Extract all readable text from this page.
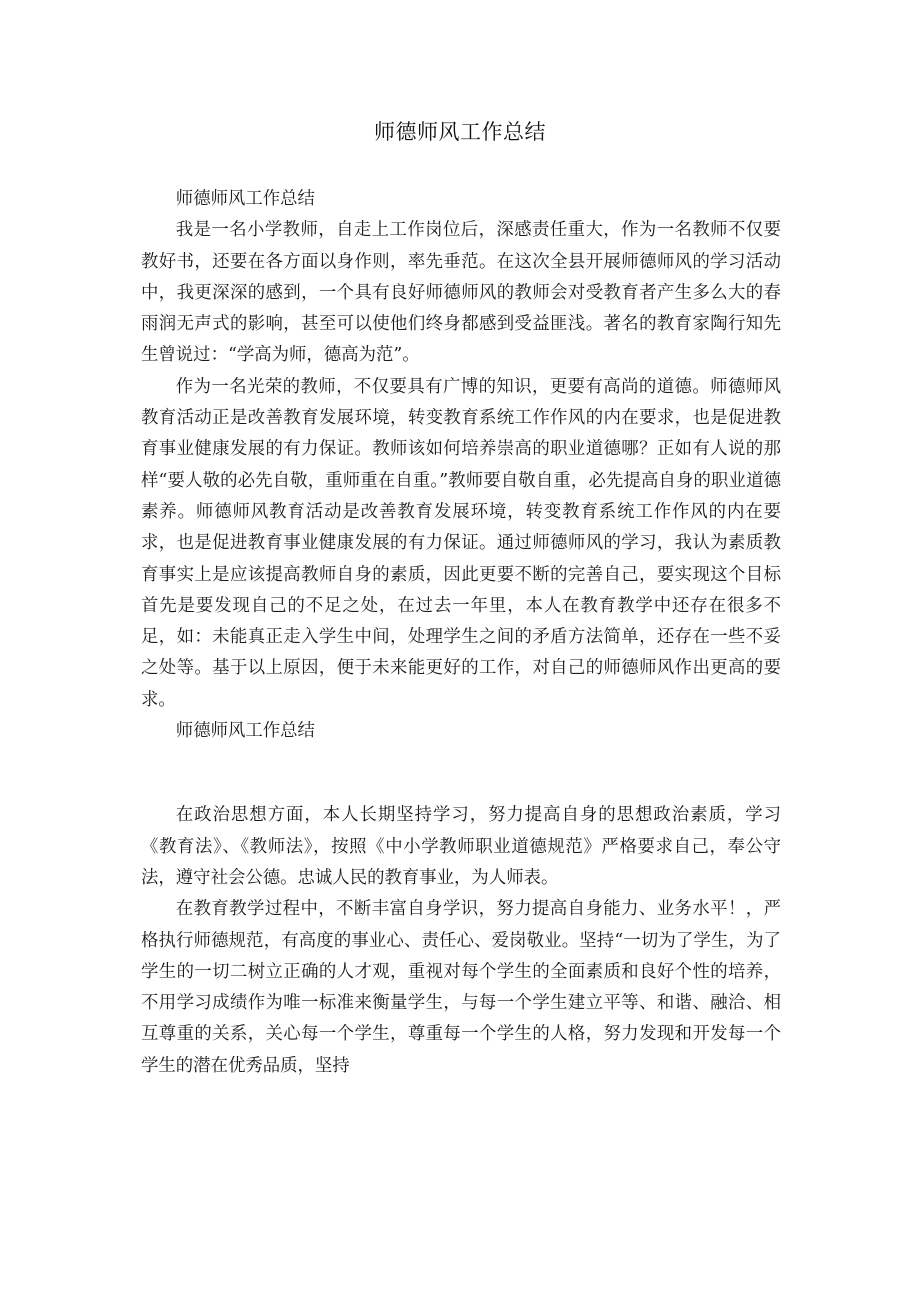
师德师风工作总结

师德师风工作总结

我是一名小学教师，自走上工作岗位后，深感责任重大，作为一名教师不仅要教好书，还要在各方面以身作则，率先垂范。在这次全县开展师德师风的学习活动中，我更深深的感到，一个具有良好师德师风的教师会对受教育者产生多么大的春雨润无声式的影响，甚至可以使他们终身都感到受益匪浅。著名的教育家陶行知先生曾说过：“学高为师，德高为范”。

作为一名光荣的教师，不仅要具有广博的知识，更要有高尚的道德。师德师风教育活动正是改善教育发展环境，转变教育系统工作作风的内在要求，也是促进教育事业健康发展的有力保证。教师该如何培养崇高的职业道德哪？正如有人说的那样“要人敬的必先自敬，重师重在自重。”教师要自敬自重，必先提高自身的职业道德素养。师德师风教育活动是改善教育发展环境，转变教育系统工作作风的内在要求，也是促进教育事业健康发展的有力保证。通过师德师风的学习，我认为素质教育事实上是应该提高教师自身的素质，因此更要不断的完善自己，要实现这个目标首先是要发现自己的不足之处，在过去一年里，本人在教育教学中还存在很多不足，如：未能真正走入学生中间，处理学生之间的矛盾方法简单，还存在一些不妥之处等。基于以上原因，便于未来能更好的工作，对自己的师德师风作出更高的要求。

师德师风工作总结

在政治思想方面，本人长期坚持学习，努力提高自身的思想政治素质，学习《教育法》、《教师法》，按照《中小学教师职业道德规范》严格要求自己，奉公守法，遵守社会公德。忠诚人民的教育事业，为人师表。

在教育教学过程中，不断丰富自身学识，努力提高自身能力、业务水平！，严格执行师德规范，有高度的事业心、责任心、爱岗敬业。坚持“一切为了学生，为了学生的一切二树立正确的人才观，重视对每个学生的全面素质和良好个性的培养，不用学习成绩作为唯一标准来衡量学生，与每一个学生建立平等、和谐、融洽、相互尊重的关系，关心每一个学生，尊重每一个学生的人格，努力发现和开发每一个学生的潜在优秀品质，坚持
